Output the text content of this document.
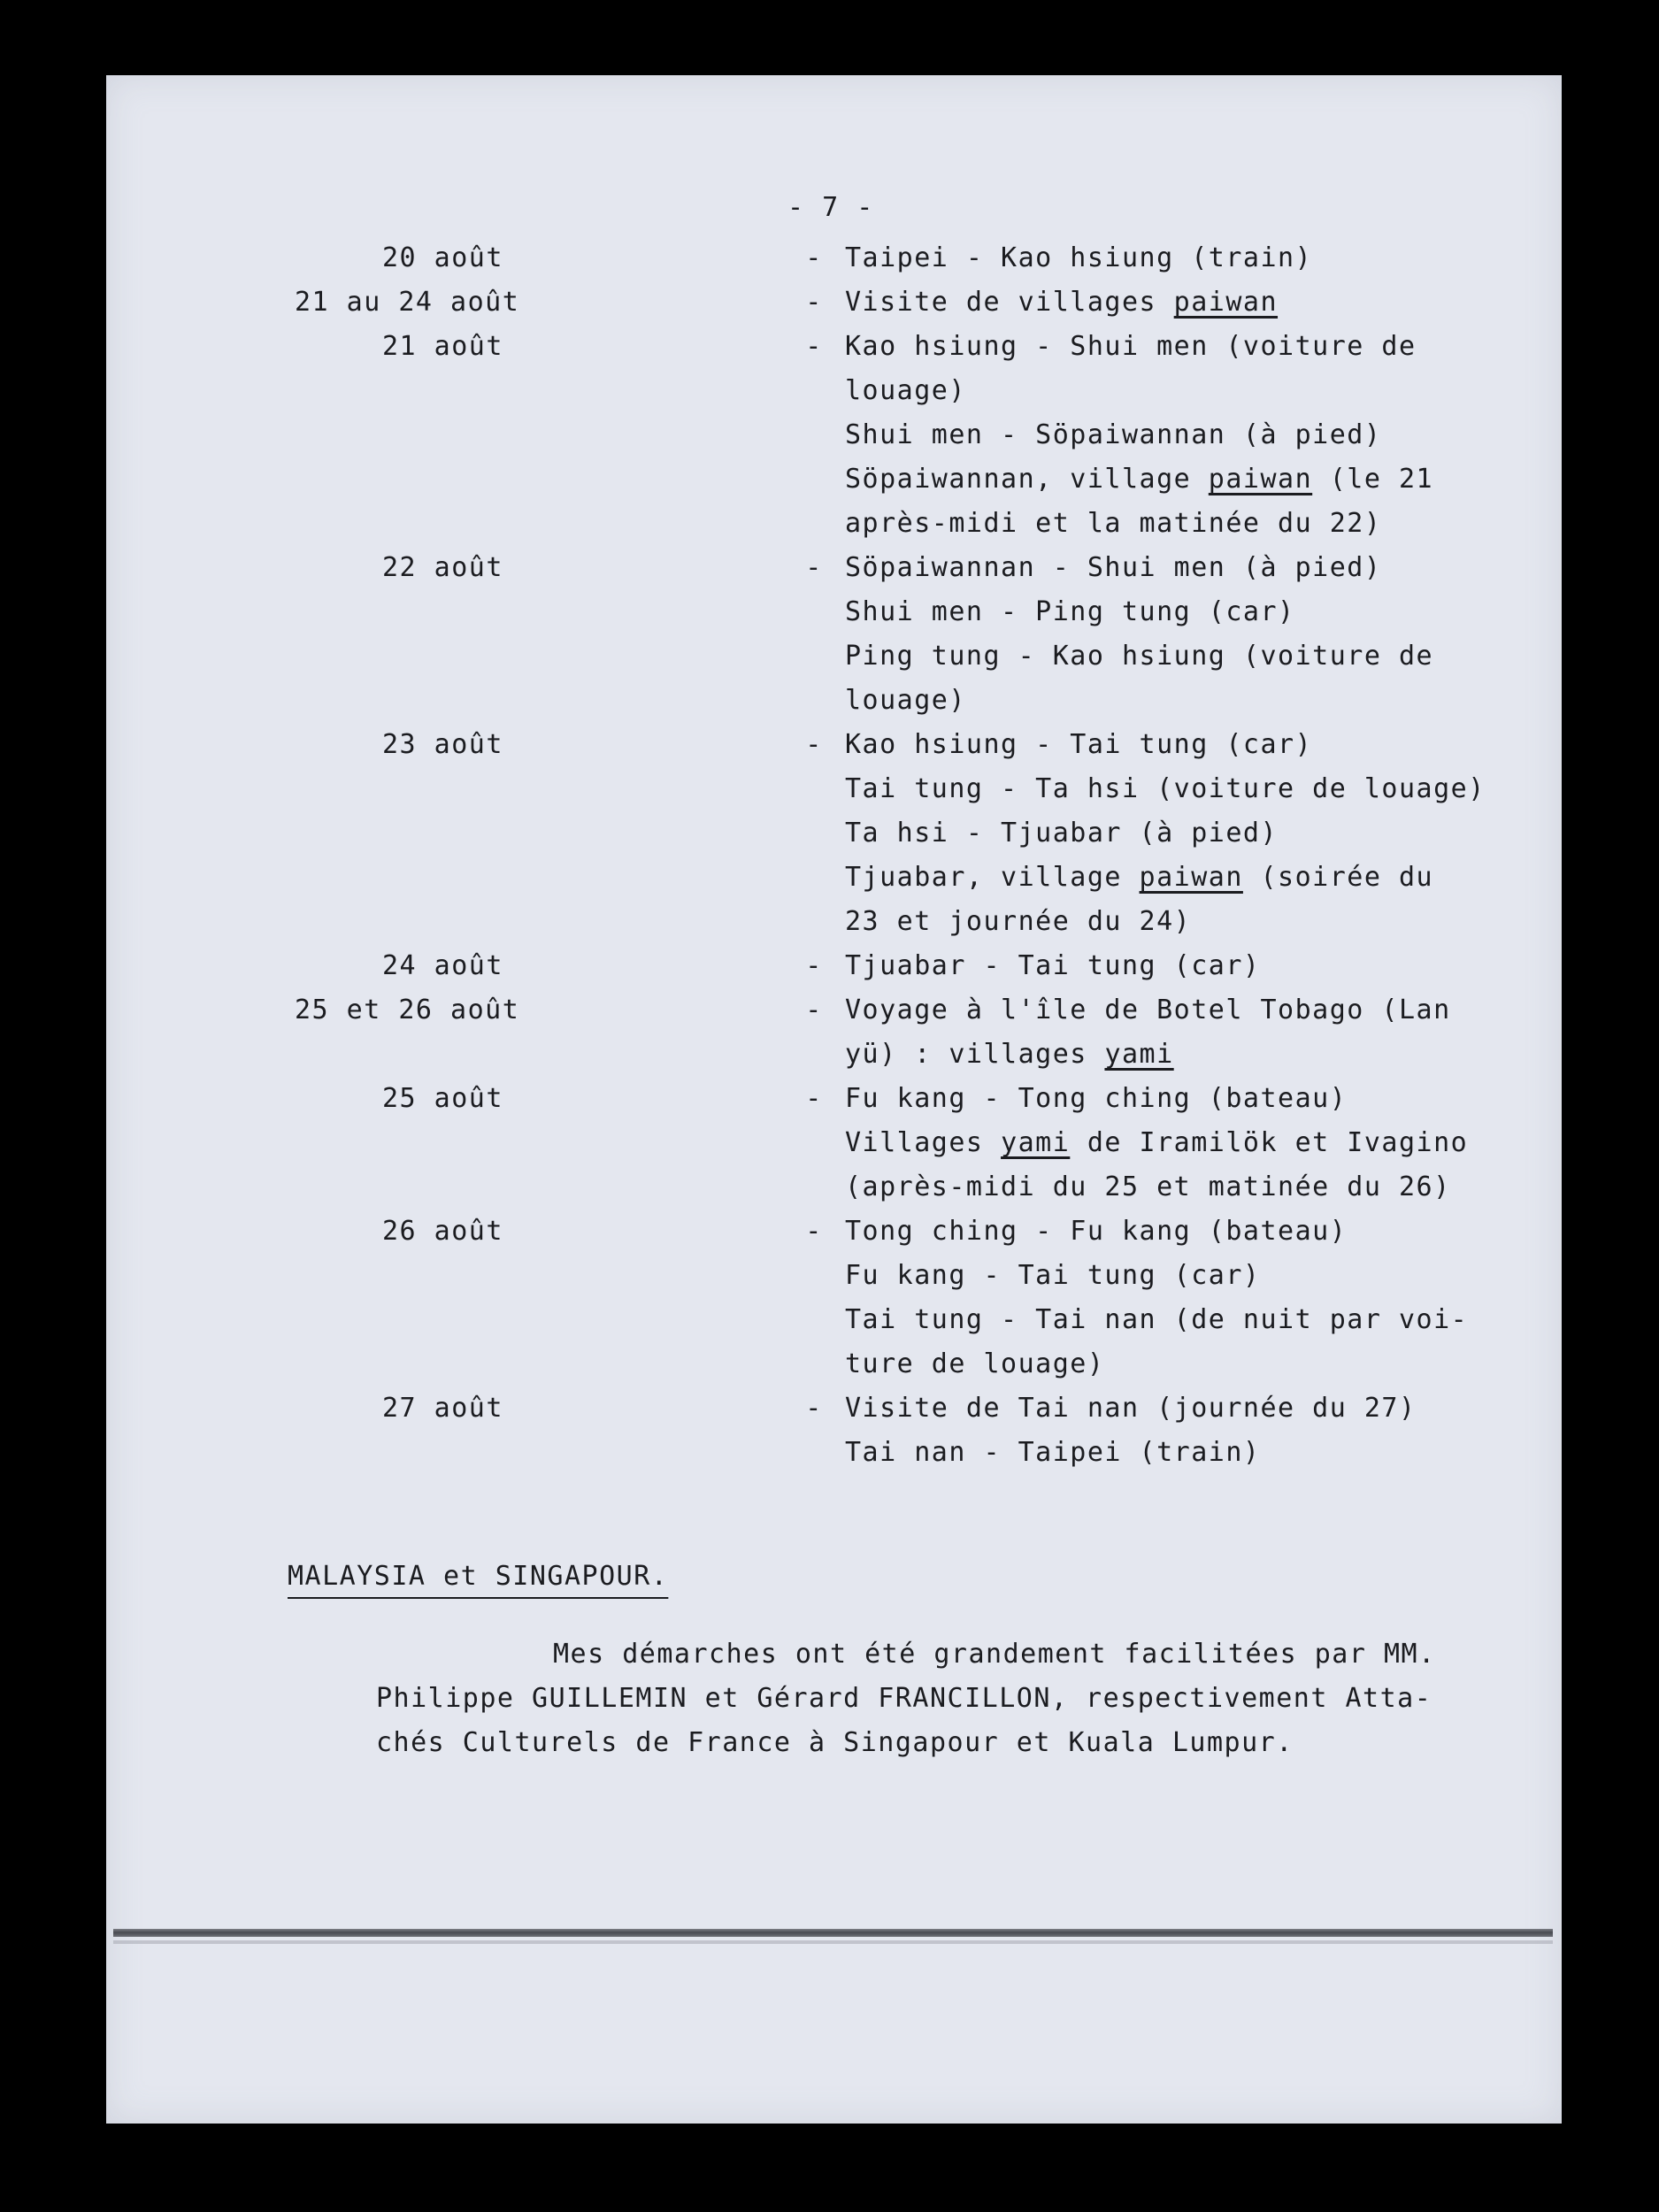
- 7 -
20 août	- Taipei - Kao hsiung (train)
21 au 24 août	- Visite de villages paiwan
21 août	- Kao hsiung - Shui men (voiture de
louage)
Shui men - Söpaiwannan (à pied)
Söpaiwannan, village paiwan (le 21
après-midi et la matinée du 22)
22 août	- Söpaiwannan - Shui men (à pied)
Shui men - Ping tung (car)
Ping tung - Kao hsiung (voiture de
louage)
23 août	- Kao hsiung - Tai tung (car)
Tai tung - Ta hsi (voiture de louage)
Ta hsi - Tjuabar (à pied)
Tjuabar, village paiwan (soirée du
23 et journée du 24)
24 août	- Tjuabar - Tai tung (car)
25 et 26 août	- Voyage à l'île de Botel Tobago (Lan
yü) : villages yami
25 août	- Fu kang - Tong ching (bateau)
Villages yami de Iramilök et Ivagino
(après-midi du 25 et matinée du 26)
26 août	- Tong ching - Fu kang (bateau)
Fu kang - Tai tung (car)
Tai tung - Tai nan (de nuit par voi-
ture de louage)
27 août	- Visite de Tai nan (journée du 27)
Tai nan - Taipei (train)
MALAYSIA et SINGAPOUR.
Mes démarches ont été grandement facilitées par MM.
Philippe GUILLEMIN et Gérard FRANCILLON, respectivement Atta-
chés Culturels de France à Singapour et Kuala Lumpur.
